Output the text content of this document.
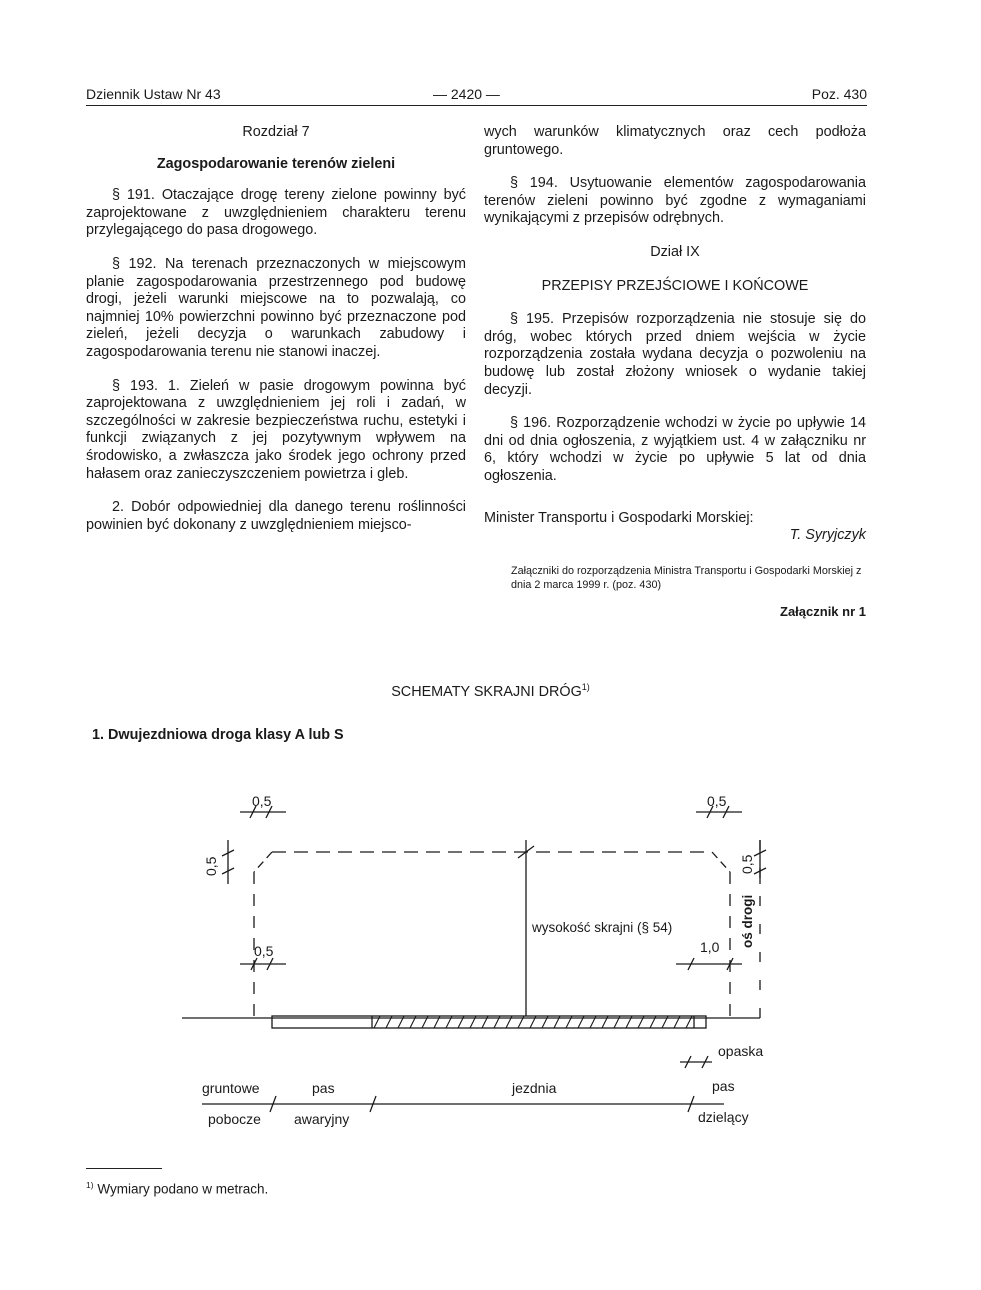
Dziennik Ustaw Nr 43	— 2420 —	Poz. 430
Rozdział 7
Zagospodarowanie terenów zieleni

§ 191. Otaczające drogę tereny zielone powinny być zaprojektowane z uwzględnieniem charakteru terenu przylegającego do pasa drogowego.

§ 192. Na terenach przeznaczonych w miejscowym planie zagospodarowania przestrzennego pod budowę drogi, jeżeli warunki miejscowe na to pozwalają, co najmniej 10% powierzchni powinno być przeznaczone pod zieleń, jeżeli decyzja o warunkach zabudowy i zagospodarowania terenu nie stanowi inaczej.

§ 193. 1. Zieleń w pasie drogowym powinna być zaprojektowana z uwzględnieniem jej roli i zadań, w szczególności w zakresie bezpieczeństwa ruchu, estetyki i funkcji związanych z jej pozytywnym wpływem na środowisko, a zwłaszcza jako środek jego ochrony przed hałasem oraz zanieczyszczeniem powietrza i gleb.

2. Dobór odpowiedniej dla danego terenu roślinności powinien być dokonany z uwzględnieniem miejsco-

wych warunków klimatycznych oraz cech podłoża gruntowego.

§ 194. Usytuowanie elementów zagospodarowania terenów zieleni powinno być zgodne z wymaganiami wynikającymi z przepisów odrębnych.

Dział IX
PRZEPISY PRZEJŚCIOWE I KOŃCOWE

§ 195. Przepisów rozporządzenia nie stosuje się do dróg, wobec których przed dniem wejścia w życie rozporządzenia została wydana decyzja o pozwoleniu na budowę lub został złożony wniosek o wydanie takiej decyzji.

§ 196. Rozporządzenie wchodzi w życie po upływie 14 dni od dnia ogłoszenia, z wyjątkiem ust. 4 w załączniku nr 6, który wchodzi w życie po upływie 5 lat od dnia ogłoszenia.

Minister Transportu i Gospodarki Morskiej:
T. Syryjczyk
Załączniki do rozporządzenia Ministra Transportu i Gospodarki Morskiej z dnia 2 marca 1999 r. (poz. 430)
Załącznik nr 1
SCHEMATY SKRAJNI DRÓG$^{1)}$
1. Dwujezdniowa droga klasy A lub S
0,5	0,5
0,5	0,5
0,5	1,0
wysokość skrajni (§ 54)	oś drogi
opaska
gruntowe
pobocze
pas
awaryjny
jezdnia	pas
dzielący
$^{1)}$ Wymiary podano w metrach.
